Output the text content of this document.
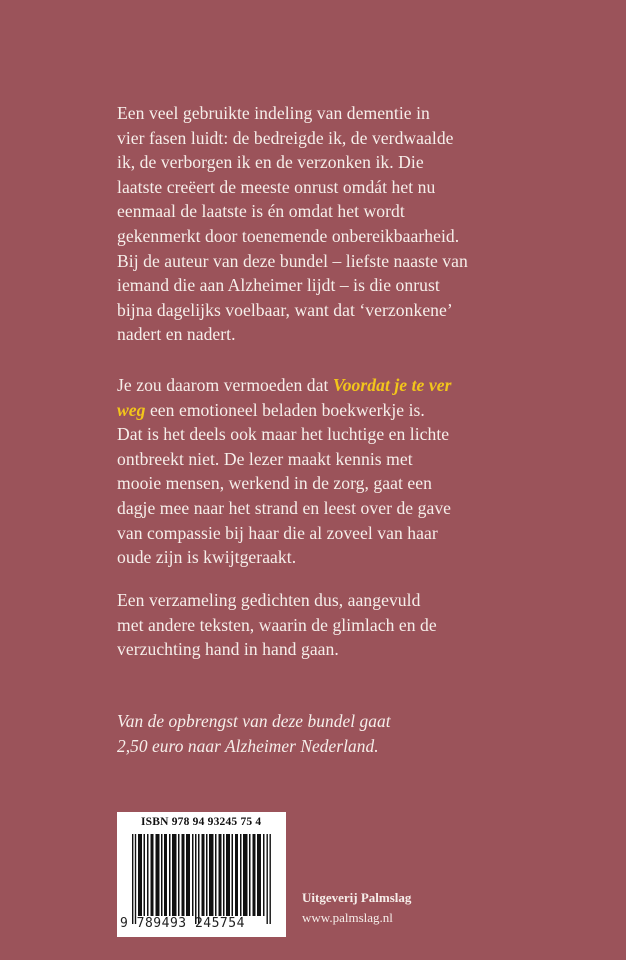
Een veel gebruikte indeling van dementie in
vier fasen luidt: de bedreigde ik, de verdwaalde
ik, de verborgen ik en de verzonken ik. Die
laatste creëert de meeste onrust omdát het nu
eenmaal de laatste is én omdat het wordt
gekenmerkt door toenemende onbereikbaarheid.
Bij de auteur van deze bundel – liefste naaste van
iemand die aan Alzheimer lijdt – is die onrust
bijna dagelijks voelbaar, want dat ‘verzonkene’
nadert en nadert.
Je zou daarom vermoeden dat Voordat je te ver
weg een emotioneel beladen boekwerkje is.
Dat is het deels ook maar het luchtige en lichte
ontbreekt niet. De lezer maakt kennis met
mooie mensen, werkend in de zorg, gaat een
dagje mee naar het strand en leest over de gave
van compassie bij haar die al zoveel van haar
oude zijn is kwijtgeraakt.
Een verzameling gedichten dus, aangevuld
met andere teksten, waarin de glimlach en de
verzuchting hand in hand gaan.
Van de opbrengst van deze bundel gaat
2,50 euro naar Alzheimer Nederland.
ISBN 978 94 93245 75 4
9 789493 245754
Uitgeverij Palmslag
www.palmslag.nl
